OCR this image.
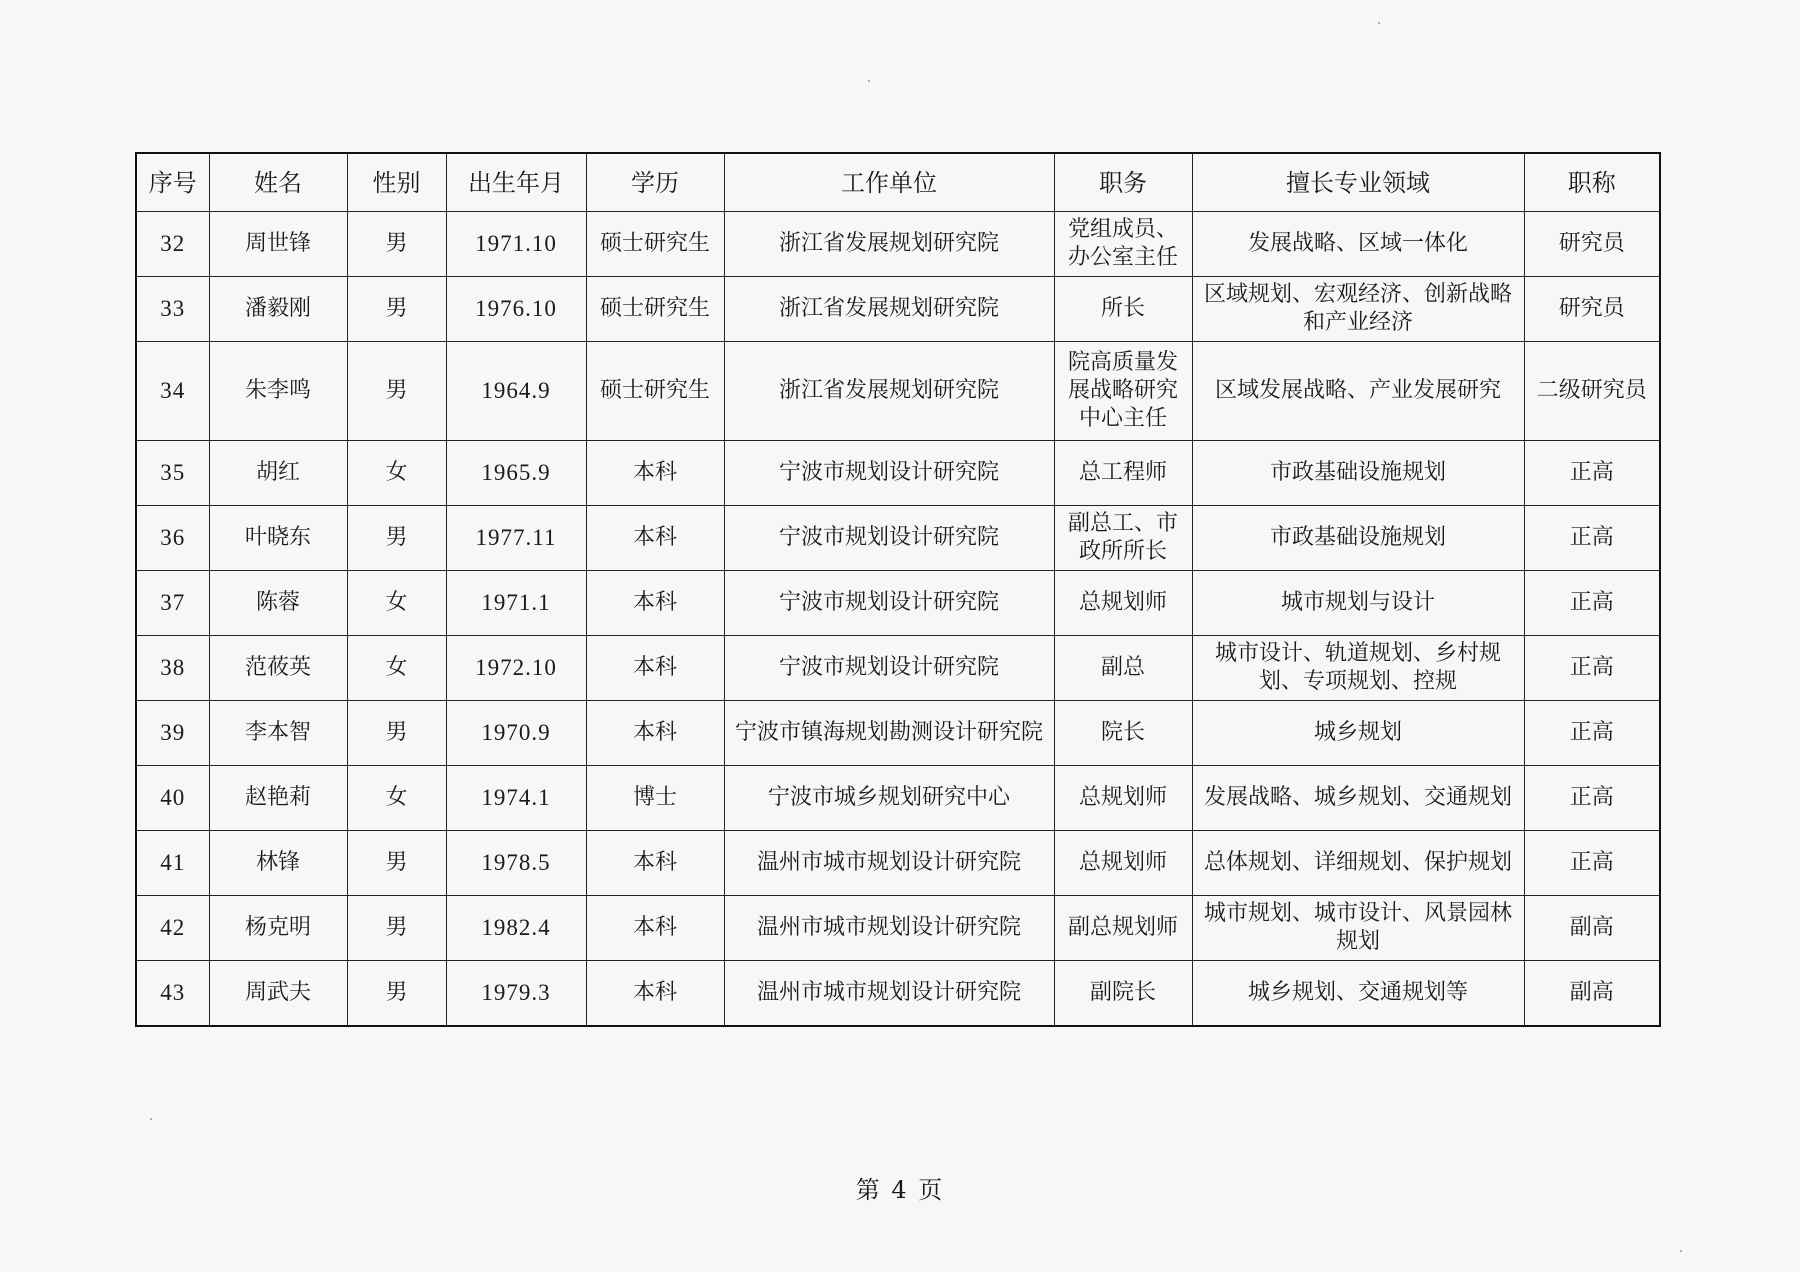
序号	姓名	性别	出生年月	学历	工作单位	职务	擅长专业领域	职称
32	周世锋	男	1971.10	硕士研究生	浙江省发展规划研究院	党组成员、办公室主任	发展战略、区域一体化	研究员
33	潘毅刚	男	1976.10	硕士研究生	浙江省发展规划研究院	所长	区域规划、宏观经济、创新战略和产业经济	研究员
34	朱李鸣	男	1964.9	硕士研究生	浙江省发展规划研究院	院高质量发展战略研究中心主任	区域发展战略、产业发展研究	二级研究员
35	胡红	女	1965.9	本科	宁波市规划设计研究院	总工程师	市政基础设施规划	正高
36	叶晓东	男	1977.11	本科	宁波市规划设计研究院	副总工、市政所所长	市政基础设施规划	正高
37	陈蓉	女	1971.1	本科	宁波市规划设计研究院	总规划师	城市规划与设计	正高
38	范莜英	女	1972.10	本科	宁波市规划设计研究院	副总	城市设计、轨道规划、乡村规划、专项规划、控规	正高
39	李本智	男	1970.9	本科	宁波市镇海规划勘测设计研究院	院长	城乡规划	正高
40	赵艳莉	女	1974.1	博士	宁波市城乡规划研究中心	总规划师	发展战略、城乡规划、交通规划	正高
41	林锋	男	1978.5	本科	温州市城市规划设计研究院	总规划师	总体规划、详细规划、保护规划	正高
42	杨克明	男	1982.4	本科	温州市城市规划设计研究院	副总规划师	城市规划、城市设计、风景园林规划	副高
43	周武夫	男	1979.3	本科	温州市城市规划设计研究院	副院长	城乡规划、交通规划等	副高
第 4 页
